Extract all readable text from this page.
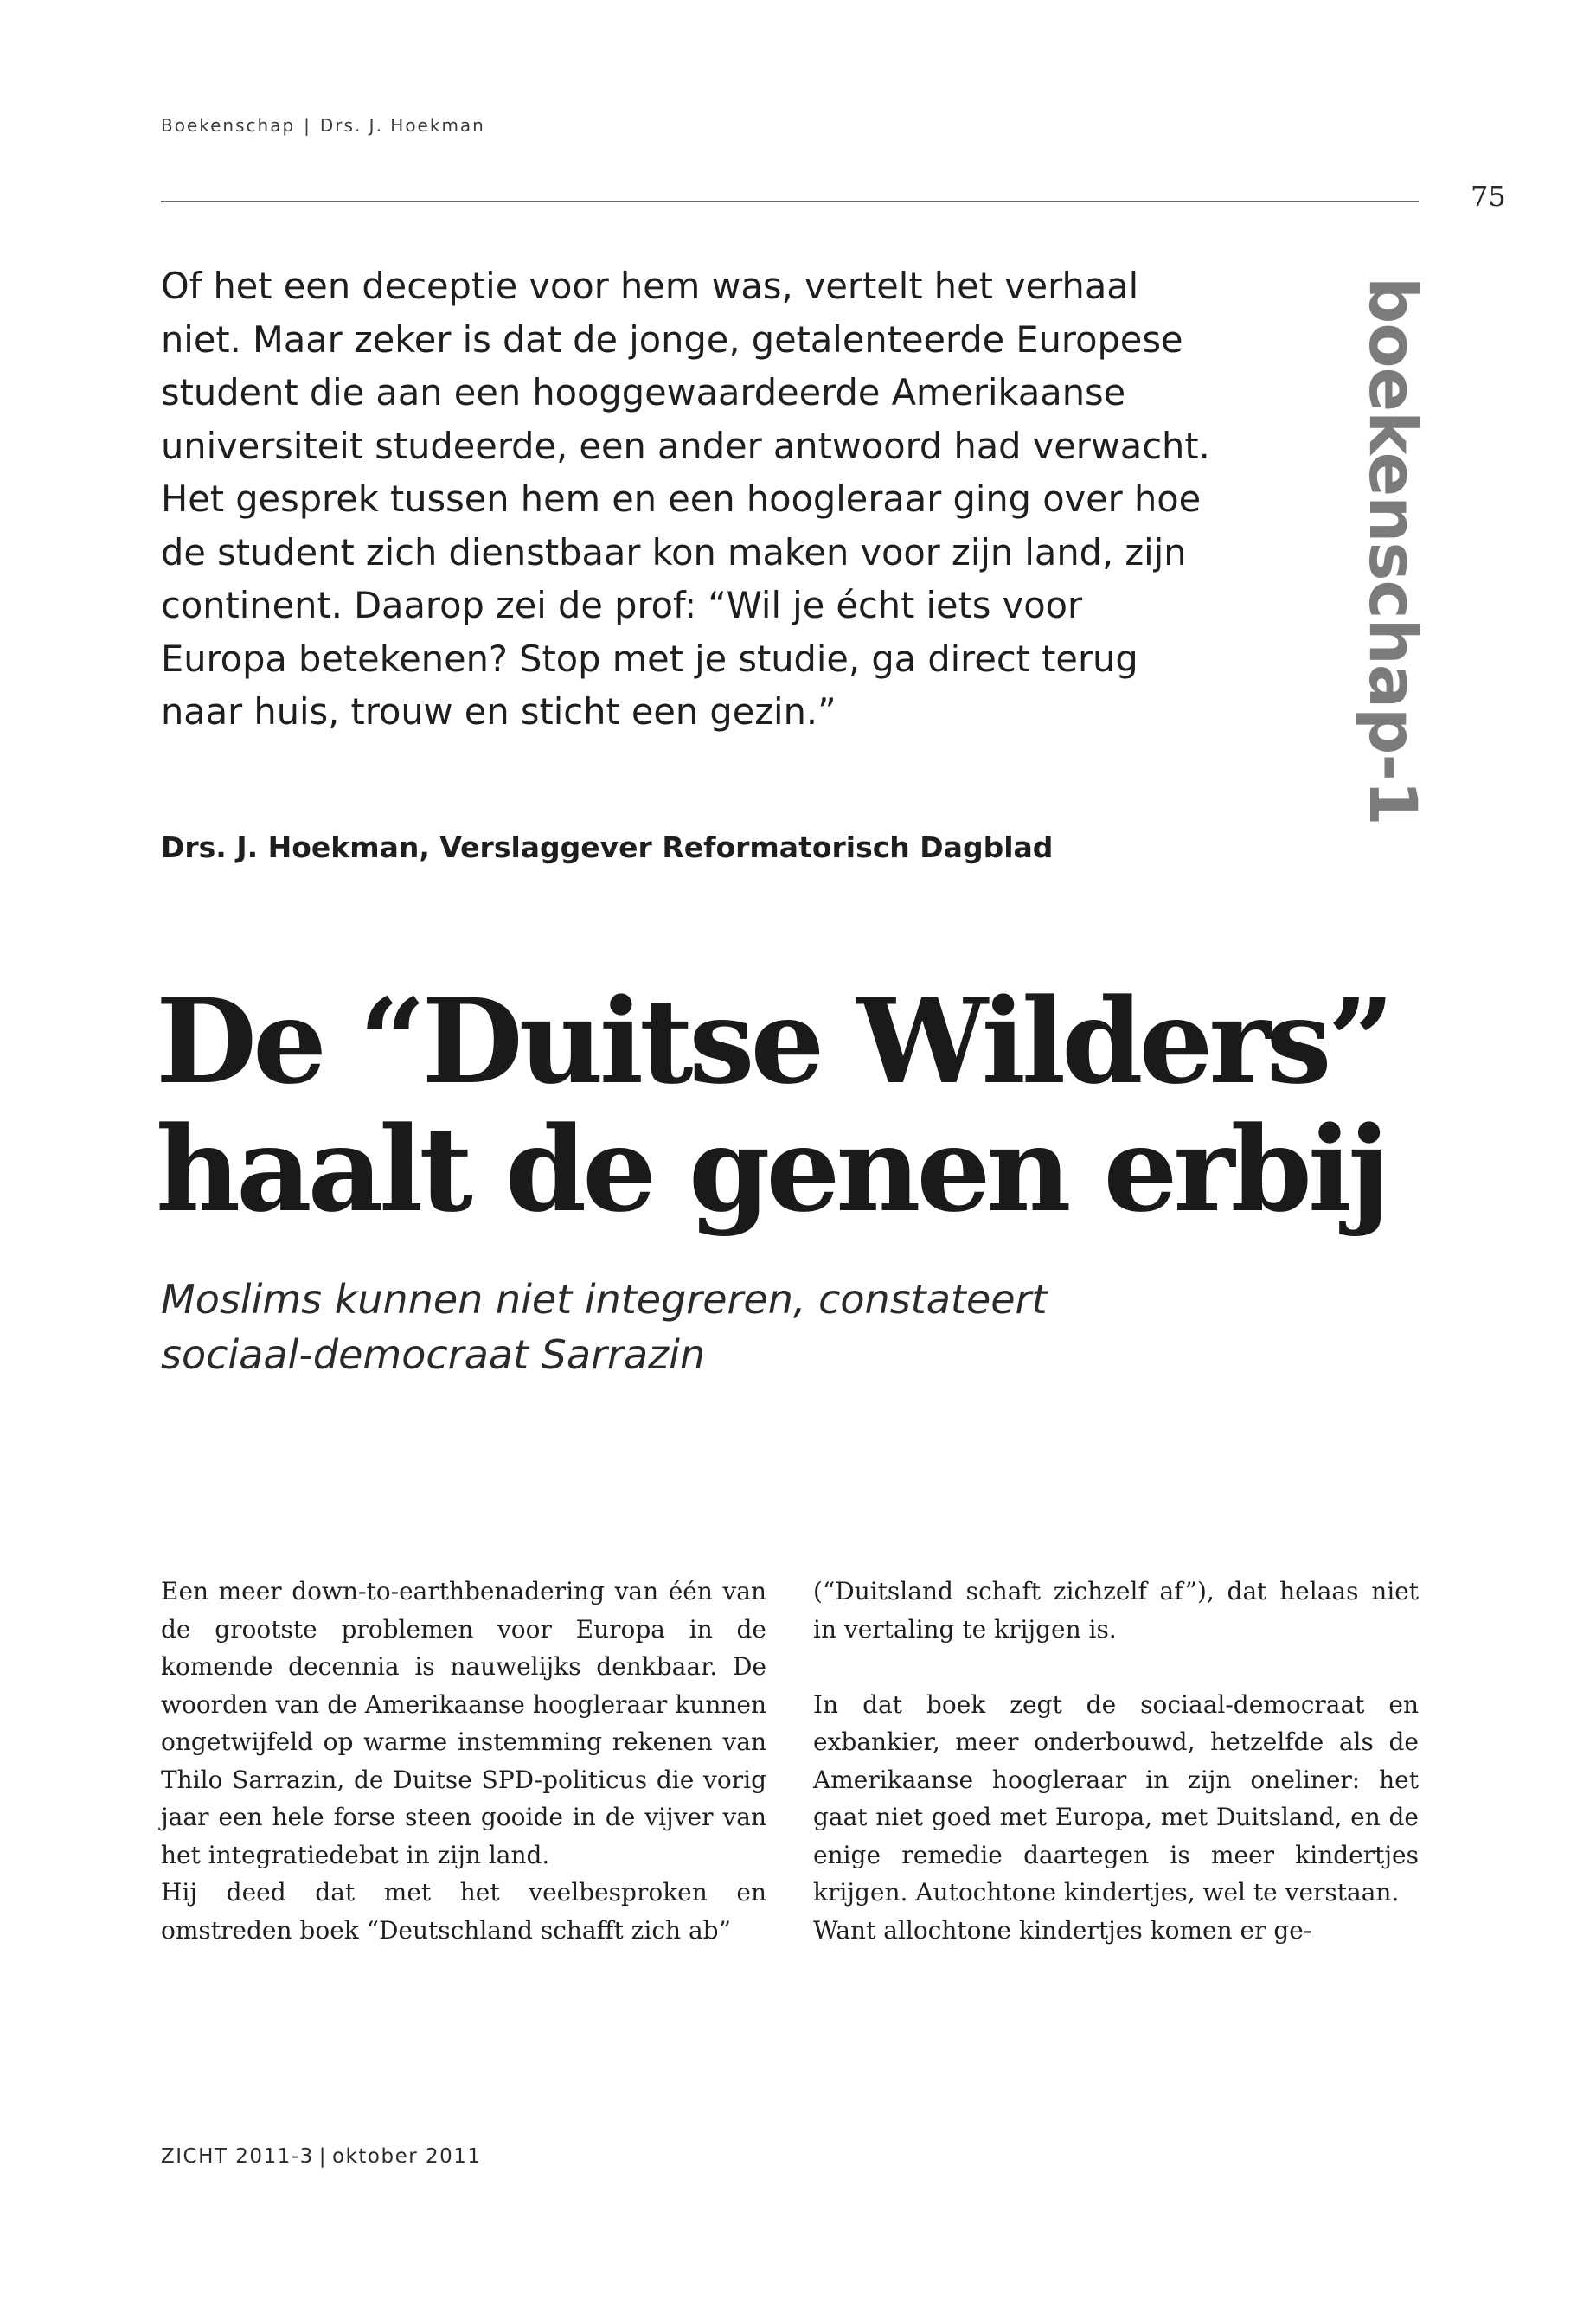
Boekenschap | Drs. J. Hoekman
75
boekenschap-1

Of het een deceptie voor hem was, vertelt het verhaal
niet. Maar zeker is dat de jonge, getalenteerde Europese
student die aan een hooggewaardeerde Amerikaanse
universiteit studeerde, een ander antwoord had verwacht.
Het gesprek tussen hem en een hoogleraar ging over hoe
de student zich dienstbaar kon maken voor zijn land, zijn
continent. Daarop zei de prof: “Wil je écht iets voor
Europa betekenen? Stop met je studie, ga direct terug
naar huis, trouw en sticht een gezin.”

Drs. J. Hoekman, Verslaggever Reformatorisch Dagblad
De “Duitse Wilders”
haalt de genen erbij
Moslims kunnen niet integreren, constateert
sociaal-democraat Sarrazin

Een meer down-to-earthbenadering van één van de grootste problemen voor Europa in de komende decennia is nauwelijks denkbaar. De woorden van de Amerikaanse hoogleraar kunnen ongetwijfeld op warme instemming rekenen van Thilo Sarrazin, de Duitse SPD-politicus die vorig jaar een hele forse steen gooide in de vijver van het integratiedebat in zijn land.

Hij deed dat met het veelbesproken en omstreden boek “Deutschland schafft zich ab”

(“Duitsland schaft zichzelf af”), dat helaas niet in vertaling te krijgen is.

In dat boek zegt de sociaal-democraat en exbankier, meer onderbouwd, hetzelfde als de Amerikaanse hoogleraar in zijn oneliner: het gaat niet goed met Europa, met Duitsland, en de enige remedie daartegen is meer kindertjes krijgen. Autochtone kindertjes, wel te verstaan.

Want allochtone kindertjes komen er ge-

ZICHT 2011-3 | oktober 2011
